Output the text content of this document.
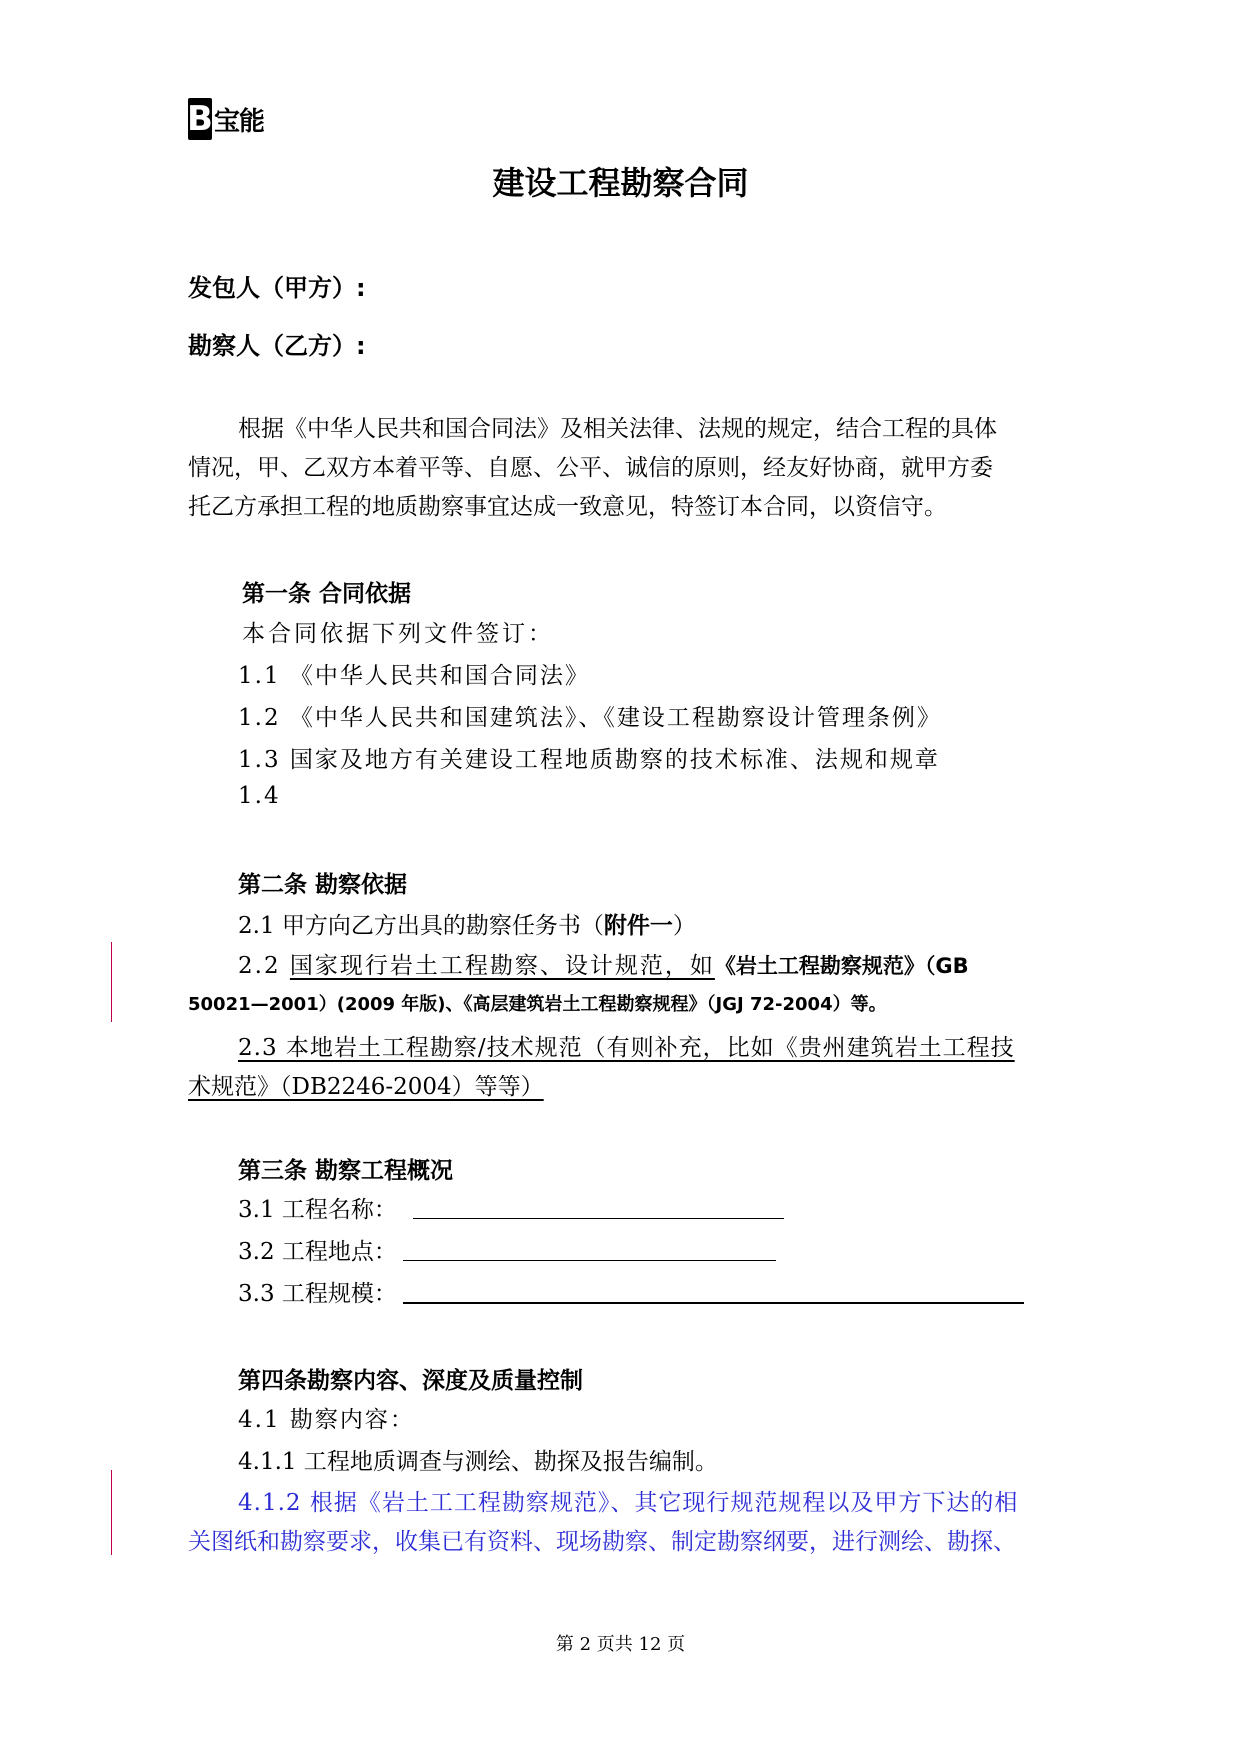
B 宝能
建设工程勘察合同
发包人（甲方）:
勘察人（乙方）:
根据《中华人民共和国合同法》及相关法律、法规的规定，结合工程的具体
情况，甲、乙双方本着平等、自愿、公平、诚信的原则，经友好协商，就甲方委
托乙方承担工程的地质勘察事宜达成一致意见，特签订本合同，以资信守。
第一条 合同依据
本合同依据下列文件签订：
1.1 《中华人民共和国合同法》
1.2 《中华人民共和国建筑法》、《建设工程勘察设计管理条例》
1.3 国家及地方有关建设工程地质勘察的技术标准、法规和规章
1.4
第二条 勘察依据
2.1 甲方向乙方出具的勘察任务书（附件一）
2.2 国家现行岩土工程勘察、设计规范，如《岩土工程勘察规范》（GB
50021—2001）(2009 年版)、《高层建筑岩土工程勘察规程》（JGJ 72-2004）等。
2.3 本地岩土工程勘察/技术规范（有则补充，比如《贵州建筑岩土工程技
术规范》（DB2246-2004）等等）
第三条 勘察工程概况
3.1 工程名称：
3.2 工程地点：
3.3 工程规模：
第四条勘察内容、深度及质量控制
4.1 勘察内容：
4.1.1 工程地质调查与测绘、勘探及报告编制。
4.1.2 根据《岩土工工程勘察规范》、其它现行规范规程以及甲方下达的相
关图纸和勘察要求，收集已有资料、现场勘察、制定勘察纲要，进行测绘、勘探、
第 2 页共 12 页
